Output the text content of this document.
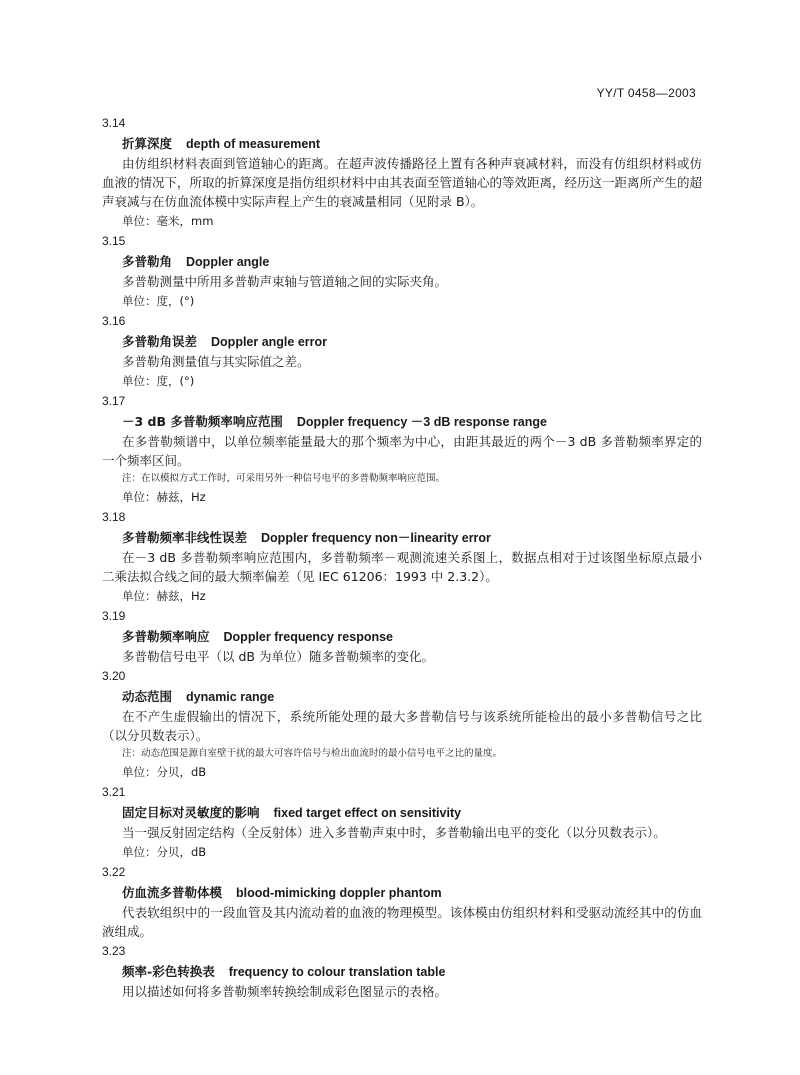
YY/T 0458—2003
3.14
折算深度 depth of measurement
由仿组织材料表面到管道轴心的距离。在超声波传播路径上置有各种声衰减材料，而没有仿组织材料或仿血液的情况下，所取的折算深度是指仿组织材料中由其表面至管道轴心的等效距离，经历这一距离所产生的超声衰减与在仿血流体模中实际声程上产生的衰减量相同（见附录 B）。
单位：毫米，mm
3.15
多普勒角 Doppler angle
多普勒测量中所用多普勒声束轴与管道轴之间的实际夹角。
单位：度，(°)
3.16
多普勒角误差 Doppler angle error
多普勒角测量值与其实际值之差。
单位：度，(°)
3.17
－3 dB 多普勒频率响应范围 Doppler frequency －3 dB response range
在多普勒频谱中，以单位频率能量最大的那个频率为中心，由距其最近的两个－3 dB 多普勒频率界定的一个频率区间。
注：在以模拟方式工作时，可采用另外一种信号电平的多普勒频率响应范围。
单位：赫兹，Hz
3.18
多普勒频率非线性误差 Doppler frequency non－linearity error
在－3 dB 多普勒频率响应范围内，多普勒频率－观测流速关系图上，数据点相对于过该图坐标原点最小二乘法拟合线之间的最大频率偏差（见 IEC 61206：1993 中 2.3.2）。
单位：赫兹，Hz
3.19
多普勒频率响应 Doppler frequency response
多普勒信号电平（以 dB 为单位）随多普勒频率的变化。
3.20
动态范围 dynamic range
在不产生虚假输出的情况下，系统所能处理的最大多普勒信号与该系统所能检出的最小多普勒信号之比（以分贝数表示）。
注：动态范围是源自室壁干扰的最大可容许信号与检出血流时的最小信号电平之比的量度。
单位：分贝，dB
3.21
固定目标对灵敏度的影响 fixed target effect on sensitivity
当一强反射固定结构（全反射体）进入多普勒声束中时，多普勒输出电平的变化（以分贝数表示）。
单位：分贝，dB
3.22
仿血流多普勒体模 blood-mimicking doppler phantom
代表软组织中的一段血管及其内流动着的血液的物理模型。该体模由仿组织材料和受驱动流经其中的仿血液组成。
3.23
频率-彩色转换表 frequency to colour translation table
用以描述如何将多普勒频率转换绘制成彩色图显示的表格。
